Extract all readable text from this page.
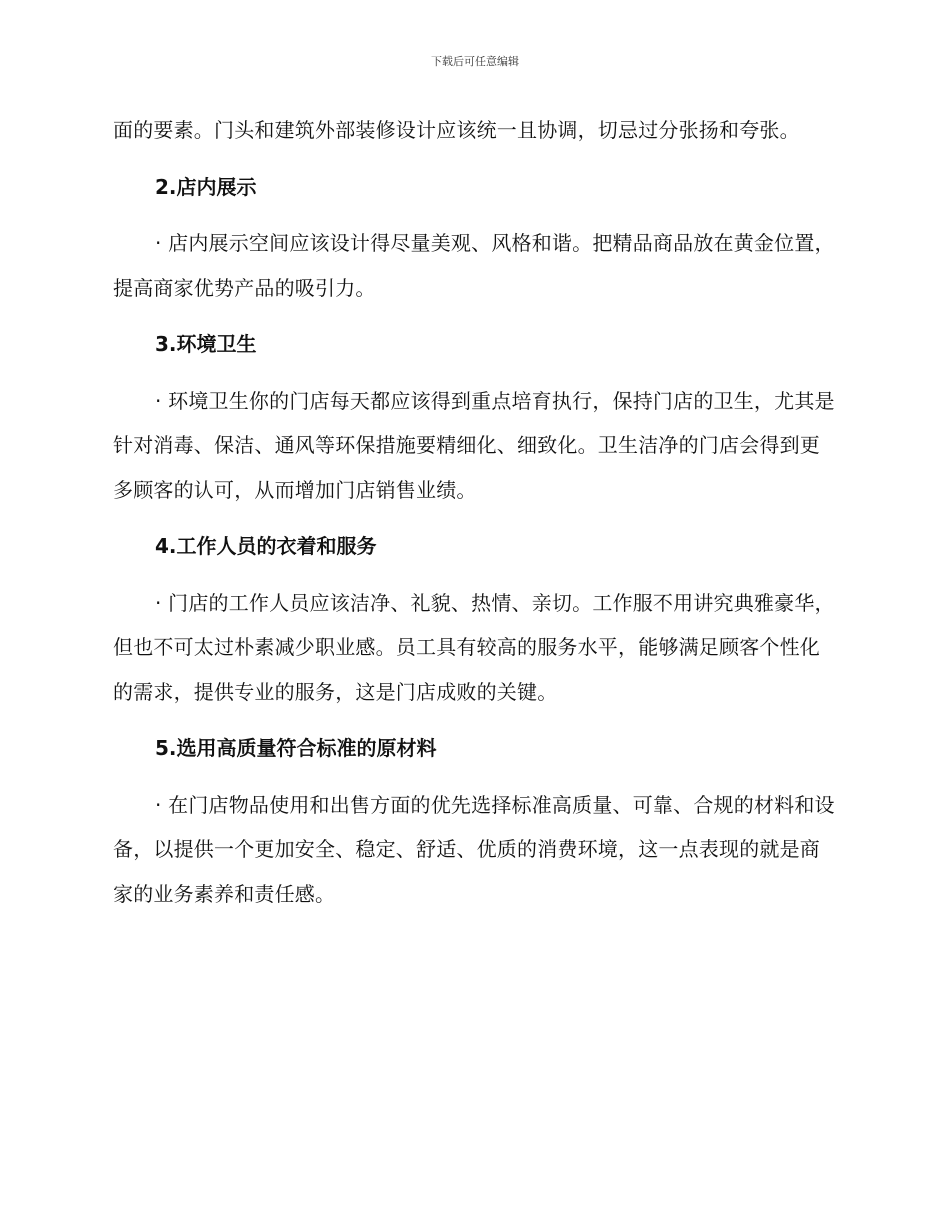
下载后可任意编辑

面的要素。门头和建筑外部装修设计应该统一且协调，切忌过分张扬和夸张。

2.店内展示

· 店内展示空间应该设计得尽量美观、风格和谐。把精品商品放在黄金位置，提高商家优势产品的吸引力。

3.环境卫生

· 环境卫生你的门店每天都应该得到重点培育执行，保持门店的卫生，尤其是针对消毒、保洁、通风等环保措施要精细化、细致化。卫生洁净的门店会得到更多顾客的认可，从而增加门店销售业绩。

4.工作人员的衣着和服务

· 门店的工作人员应该洁净、礼貌、热情、亲切。工作服不用讲究典雅豪华，但也不可太过朴素减少职业感。员工具有较高的服务水平，能够满足顾客个性化的需求，提供专业的服务，这是门店成败的关键。

5.选用高质量符合标准的原材料

· 在门店物品使用和出售方面的优先选择标准高质量、可靠、合规的材料和设备，以提供一个更加安全、稳定、舒适、优质的消费环境，这一点表现的就是商家的业务素养和责任感。
